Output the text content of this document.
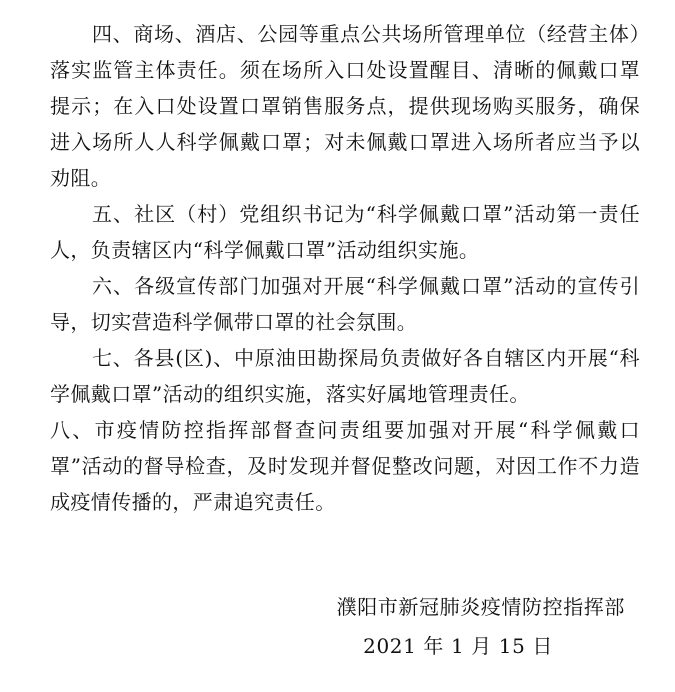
四、商场、酒店、公园等重点公共场所管理单位（经营主体）落实监管主体责任。须在场所入口处设置醒目、清晰的佩戴口罩提示；在入口处设置口罩销售服务点，提供现场购买服务，确保进入场所人人科学佩戴口罩；对未佩戴口罩进入场所者应当予以劝阻。

五、社区（村）党组织书记为“科学佩戴口罩”活动第一责任人，负责辖区内“科学佩戴口罩”活动组织实施。

六、各级宣传部门加强对开展“科学佩戴口罩”活动的宣传引导，切实营造科学佩带口罩的社会氛围。

七、各县(区)、中原油田勘探局负责做好各自辖区内开展“科学佩戴口罩”活动的组织实施，落实好属地管理责任。

八、市疫情防控指挥部督查问责组要加强对开展“科学佩戴口罩”活动的督导检查，及时发现并督促整改问题，对因工作不力造成疫情传播的，严肃追究责任。

濮阳市新冠肺炎疫情防控指挥部

2021 年 1 月 15 日
